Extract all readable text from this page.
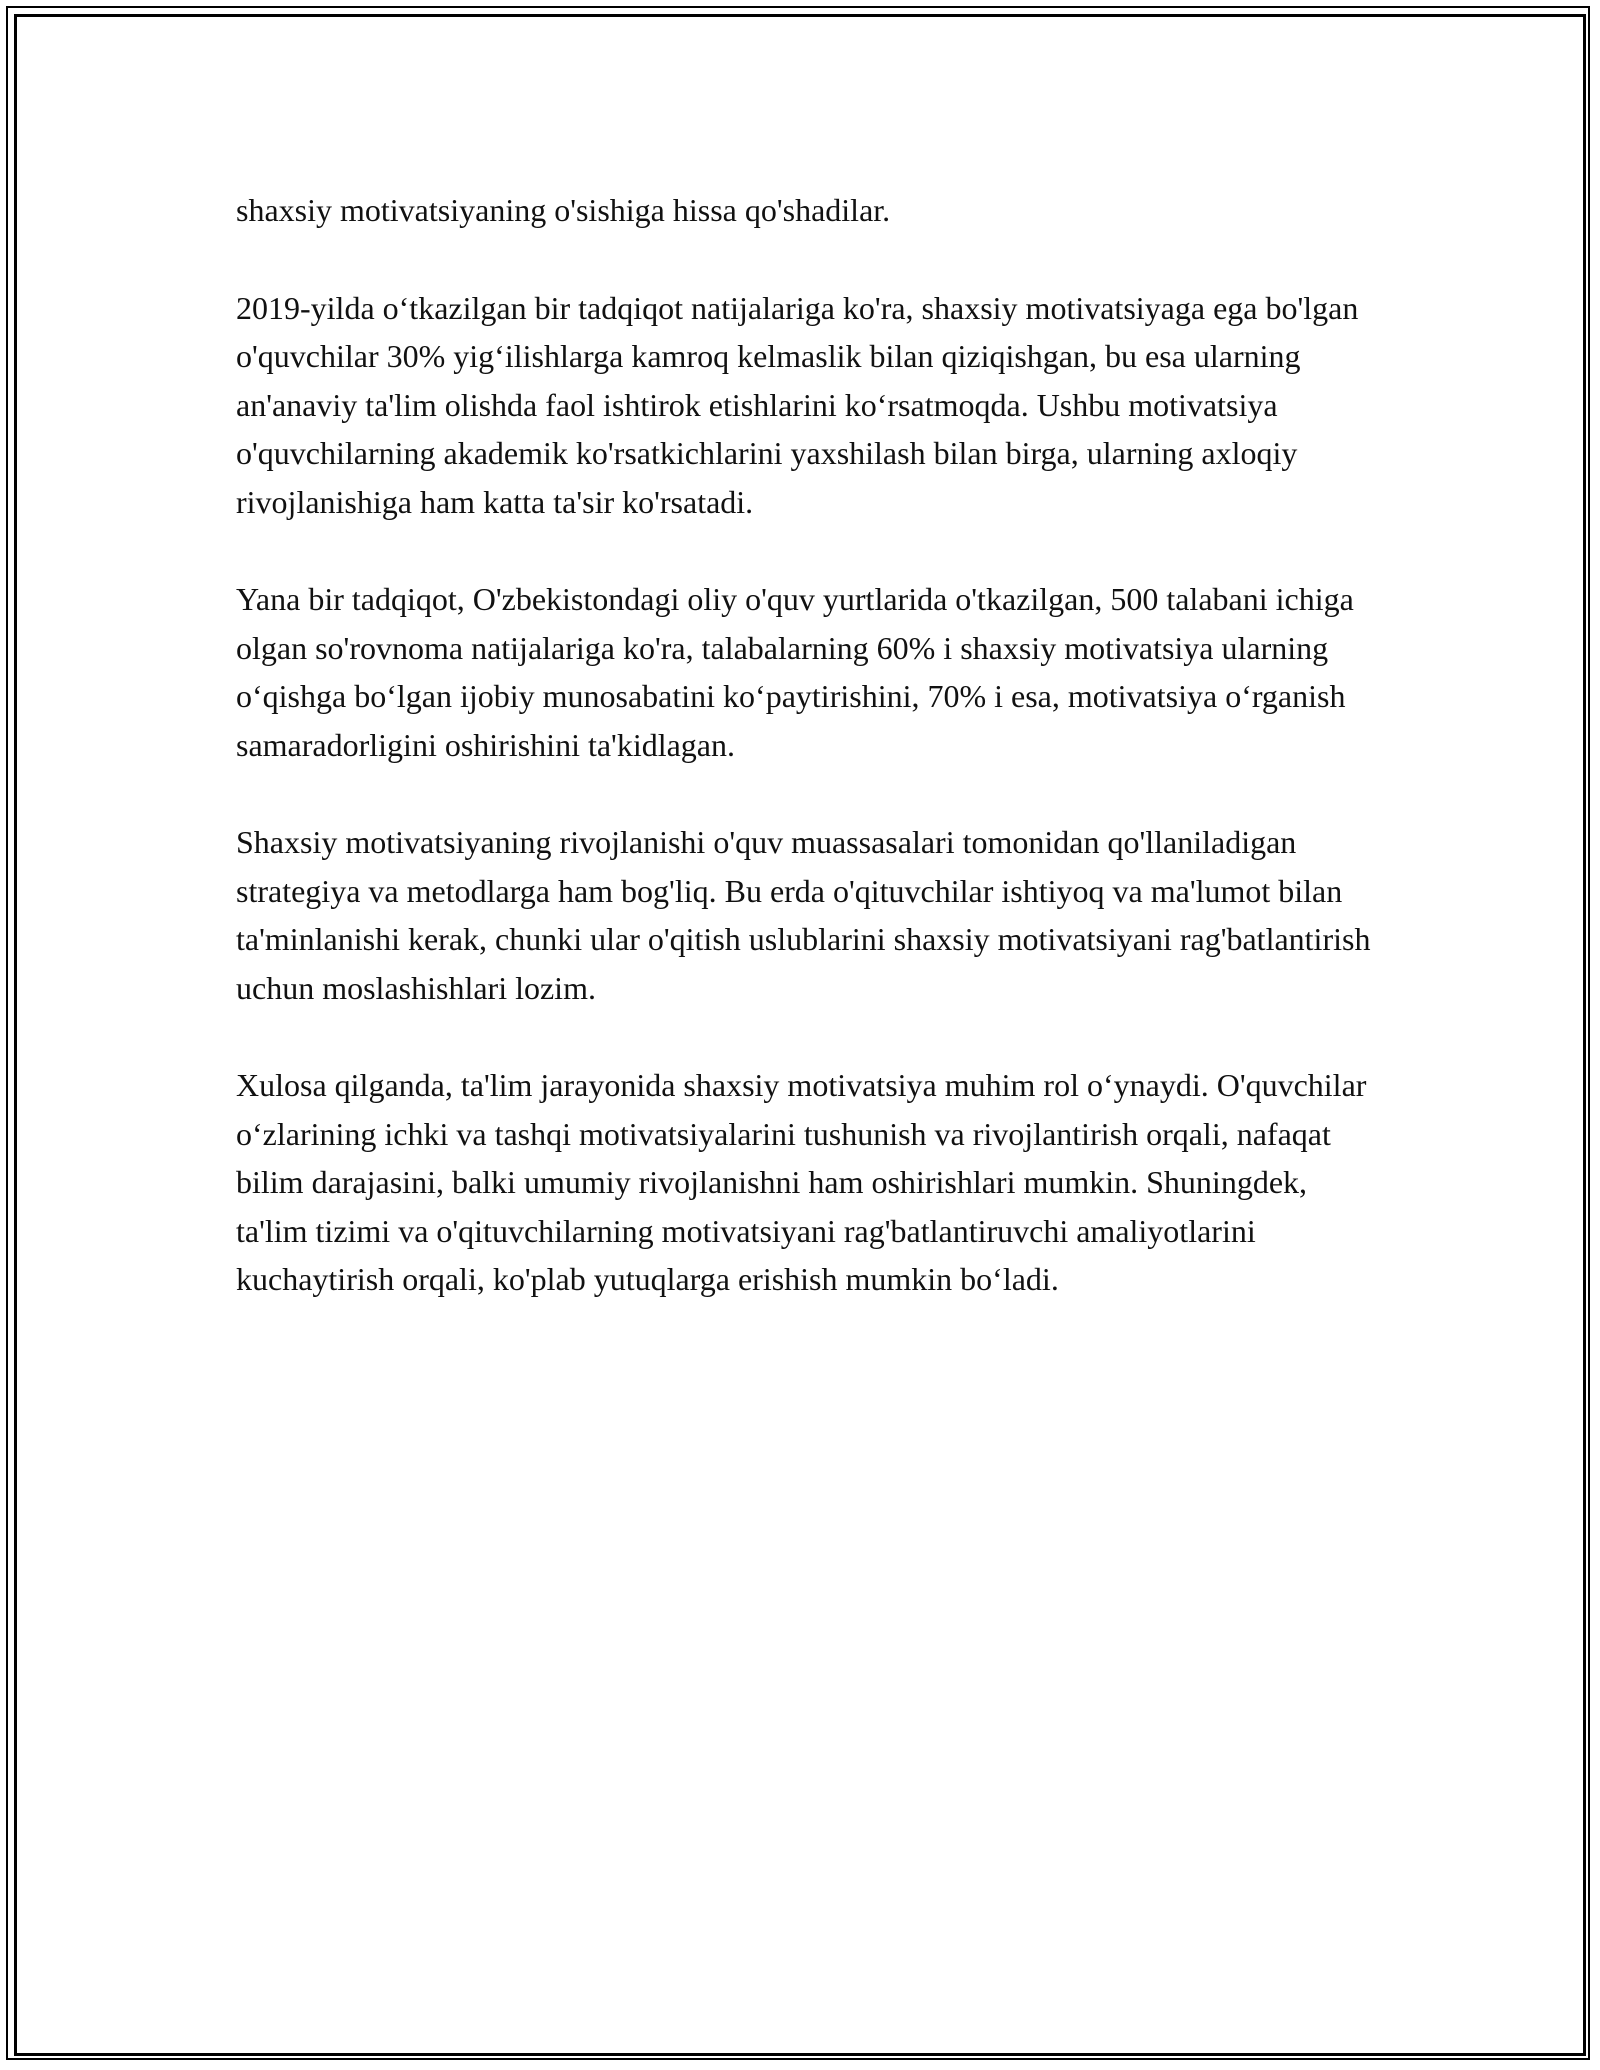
shaxsiy motivatsiyaning o'sishiga hissa qo'shadilar.

2019-yilda o‘tkazilgan bir tadqiqot natijalariga ko'ra, shaxsiy motivatsiyaga ega bo'lgan o'quvchilar 30% yig‘ilishlarga kamroq kelmaslik bilan qiziqishgan, bu esa ularning an'anaviy ta'lim olishda faol ishtirok etishlarini ko‘rsatmoqda. Ushbu motivatsiya o'quvchilarning akademik ko'rsatkichlarini yaxshilash bilan birga, ularning axloqiy rivojlanishiga ham katta ta'sir ko'rsatadi.

Yana bir tadqiqot, O'zbekistondagi oliy o'quv yurtlarida o'tkazilgan, 500 talabani ichiga olgan so'rovnoma natijalariga ko'ra, talabalarning 60% i shaxsiy motivatsiya ularning o‘qishga bo‘lgan ijobiy munosabatini ko‘paytirishini, 70% i esa, motivatsiya o‘rganish samaradorligini oshirishini ta'kidlagan.

Shaxsiy motivatsiyaning rivojlanishi o'quv muassasalari tomonidan qo'llaniladigan strategiya va metodlarga ham bog'liq. Bu erda o'qituvchilar ishtiyoq va ma'lumot bilan ta'minlanishi kerak, chunki ular o'qitish uslublarini shaxsiy motivatsiyani rag'batlantirish uchun moslashishlari lozim.

Xulosa qilganda, ta'lim jarayonida shaxsiy motivatsiya muhim rol o‘ynaydi. O'quvchilar o‘zlarining ichki va tashqi motivatsiyalarini tushunish va rivojlantirish orqali, nafaqat bilim darajasini, balki umumiy rivojlanishni ham oshirishlari mumkin. Shuningdek, ta'lim tizimi va o'qituvchilarning motivatsiyani rag'batlantiruvchi amaliyotlarini kuchaytirish orqali, ko'plab yutuqlarga erishish mumkin bo‘ladi.
